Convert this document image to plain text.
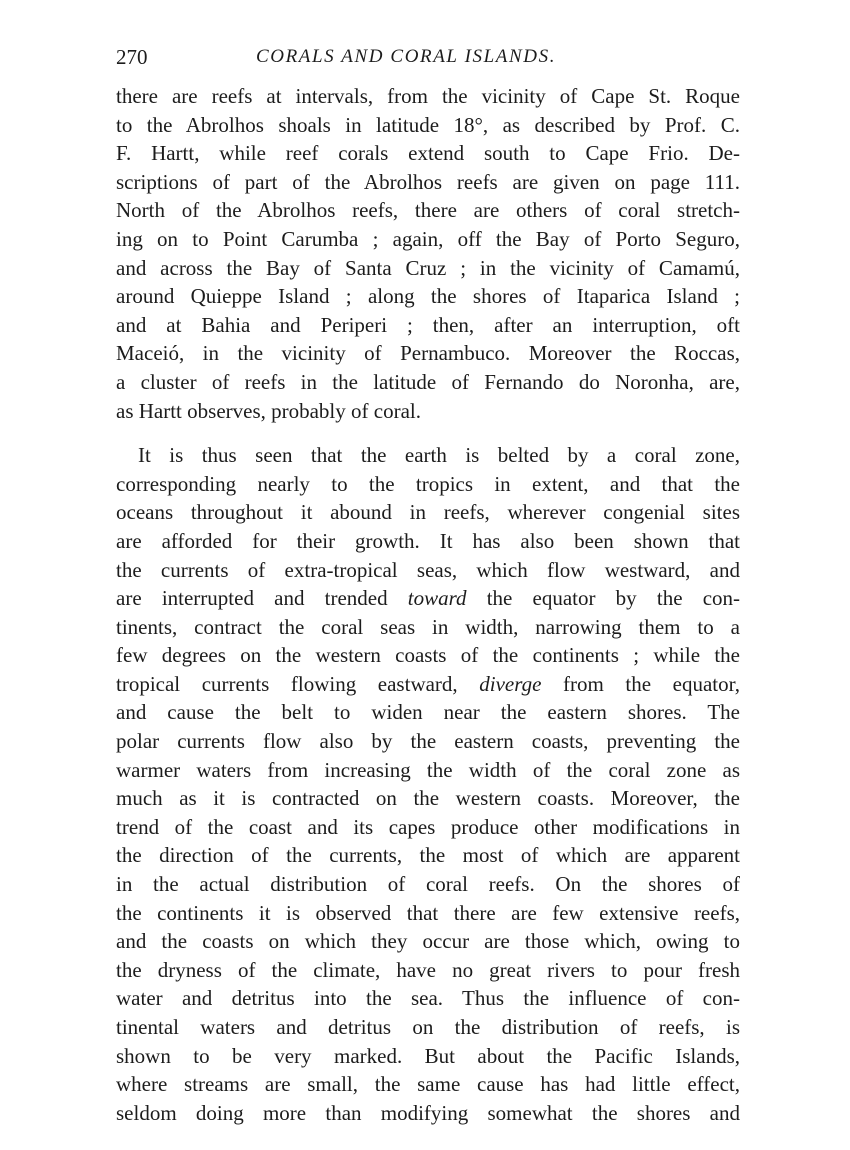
270	CORALS AND CORAL ISLANDS.

there are reefs at intervals, from the vicinity of Cape St. Roque
to the Abrolhos shoals in latitude 18°, as described by Prof. C.
F. Hartt, while reef corals extend south to Cape Frio. De-
scriptions of part of the Abrolhos reefs are given on page 111.
North of the Abrolhos reefs, there are others of coral stretch-
ing on to Point Carumba ; again, off the Bay of Porto Seguro,
and across the Bay of Santa Cruz ; in the vicinity of Camamú,
around Quieppe Island ; along the shores of Itaparica Island ;
and at Bahia and Periperi ; then, after an interruption, oft
Maceió, in the vicinity of Pernambuco. Moreover the Roccas,
a cluster of reefs in the latitude of Fernando do Noronha, are,
as Hartt observes, probably of coral.

It is thus seen that the earth is belted by a coral zone,
corresponding nearly to the tropics in extent, and that the
oceans throughout it abound in reefs, wherever congenial sites
are afforded for their growth. It has also been shown that
the currents of extra-tropical seas, which flow westward, and
are interrupted and trended toward the equator by the con-
tinents, contract the coral seas in width, narrowing them to a
few degrees on the western coasts of the continents ; while the
tropical currents flowing eastward, diverge from the equator,
and cause the belt to widen near the eastern shores. The
polar currents flow also by the eastern coasts, preventing the
warmer waters from increasing the width of the coral zone as
much as it is contracted on the western coasts. Moreover, the
trend of the coast and its capes produce other modifications in
the direction of the currents, the most of which are apparent
in the actual distribution of coral reefs. On the shores of
the continents it is observed that there are few extensive reefs,
and the coasts on which they occur are those which, owing to
the dryness of the climate, have no great rivers to pour fresh
water and detritus into the sea. Thus the influence of con-
tinental waters and detritus on the distribution of reefs, is
shown to be very marked. But about the Pacific Islands,
where streams are small, the same cause has had little effect,
seldom doing more than modifying somewhat the shores and
